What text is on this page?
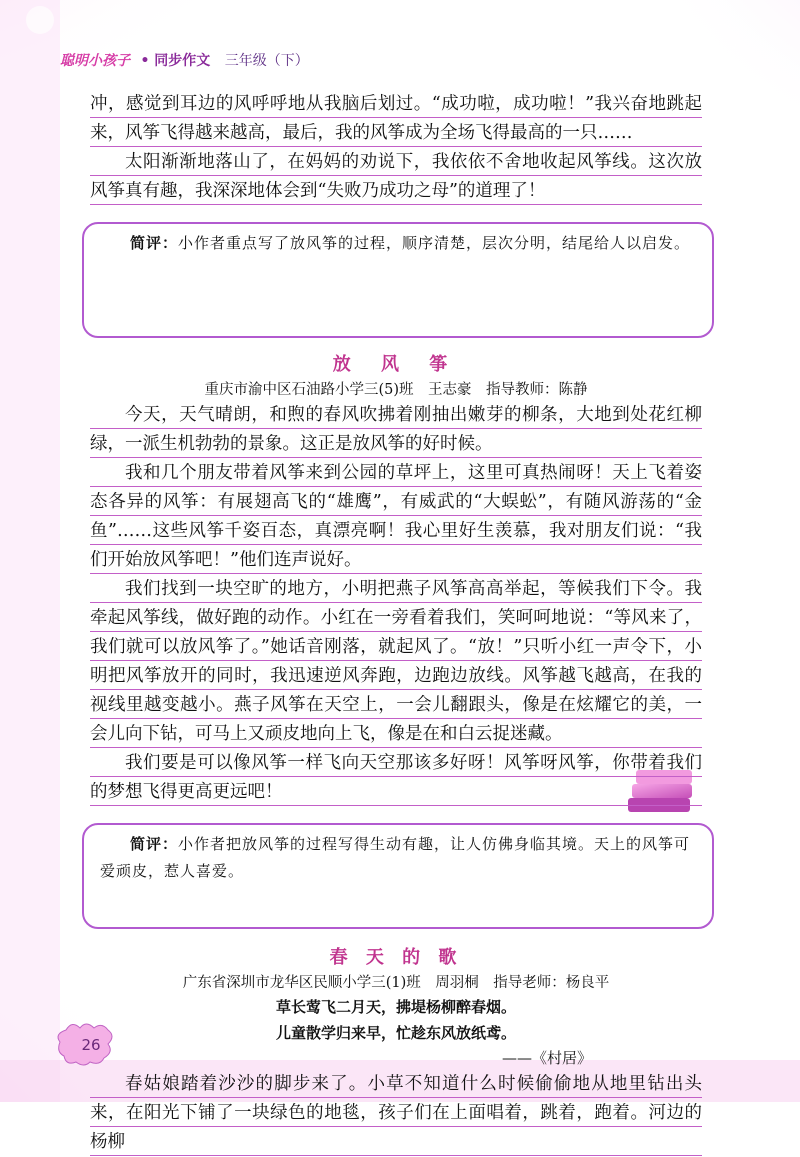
聪明小孩子 • 同步作文 三年级（下）

冲，感觉到耳边的风呼呼地从我脑后划过。“成功啦，成功啦！”我兴奋地跳起来，风筝飞得越来越高，最后，我的风筝成为全场飞得最高的一只……

太阳渐渐地落山了，在妈妈的劝说下，我依依不舍地收起风筝线。这次放风筝真有趣，我深深地体会到“失败乃成功之母”的道理了！

简评：小作者重点写了放风筝的过程，顺序清楚，层次分明，结尾给人以启发。
放 风 筝
重庆市渝中区石油路小学三(5)班　王志豪　指导教师：陈静

今天，天气晴朗，和煦的春风吹拂着刚抽出嫩芽的柳条，大地到处花红柳绿，一派生机勃勃的景象。这正是放风筝的好时候。

我和几个朋友带着风筝来到公园的草坪上，这里可真热闹呀！天上飞着姿态各异的风筝：有展翅高飞的“雄鹰”，有威武的“大蜈蚣”，有随风游荡的“金鱼”……这些风筝千姿百态，真漂亮啊！我心里好生羡慕，我对朋友们说：“我们开始放风筝吧！”他们连声说好。

我们找到一块空旷的地方，小明把燕子风筝高高举起，等候我们下令。我牵起风筝线，做好跑的动作。小红在一旁看着我们，笑呵呵地说：“等风来了，我们就可以放风筝了。”她话音刚落，就起风了。“放！”只听小红一声令下，小明把风筝放开的同时，我迅速逆风奔跑，边跑边放线。风筝越飞越高，在我的视线里越变越小。燕子风筝在天空上，一会儿翻跟头，像是在炫耀它的美，一会儿向下钻，可马上又顽皮地向上飞，像是在和白云捉迷藏。

我们要是可以像风筝一样飞向天空那该多好呀！风筝呀风筝，你带着我们的梦想飞得更高更远吧！

简评：小作者把放风筝的过程写得生动有趣，让人仿佛身临其境。天上的风筝可爱顽皮，惹人喜爱。
春 天 的 歌
广东省深圳市龙华区民顺小学三(1)班　周羽桐　指导老师：杨良平
草长莺飞二月天，拂堤杨柳醉春烟。
儿童散学归来早，忙趁东风放纸鸢。
——《村居》

春姑娘踏着沙沙的脚步来了。小草不知道什么时候偷偷地从地里钻出头来，在阳光下铺了一块绿色的地毯，孩子们在上面唱着，跳着，跑着。河边的杨柳

26
